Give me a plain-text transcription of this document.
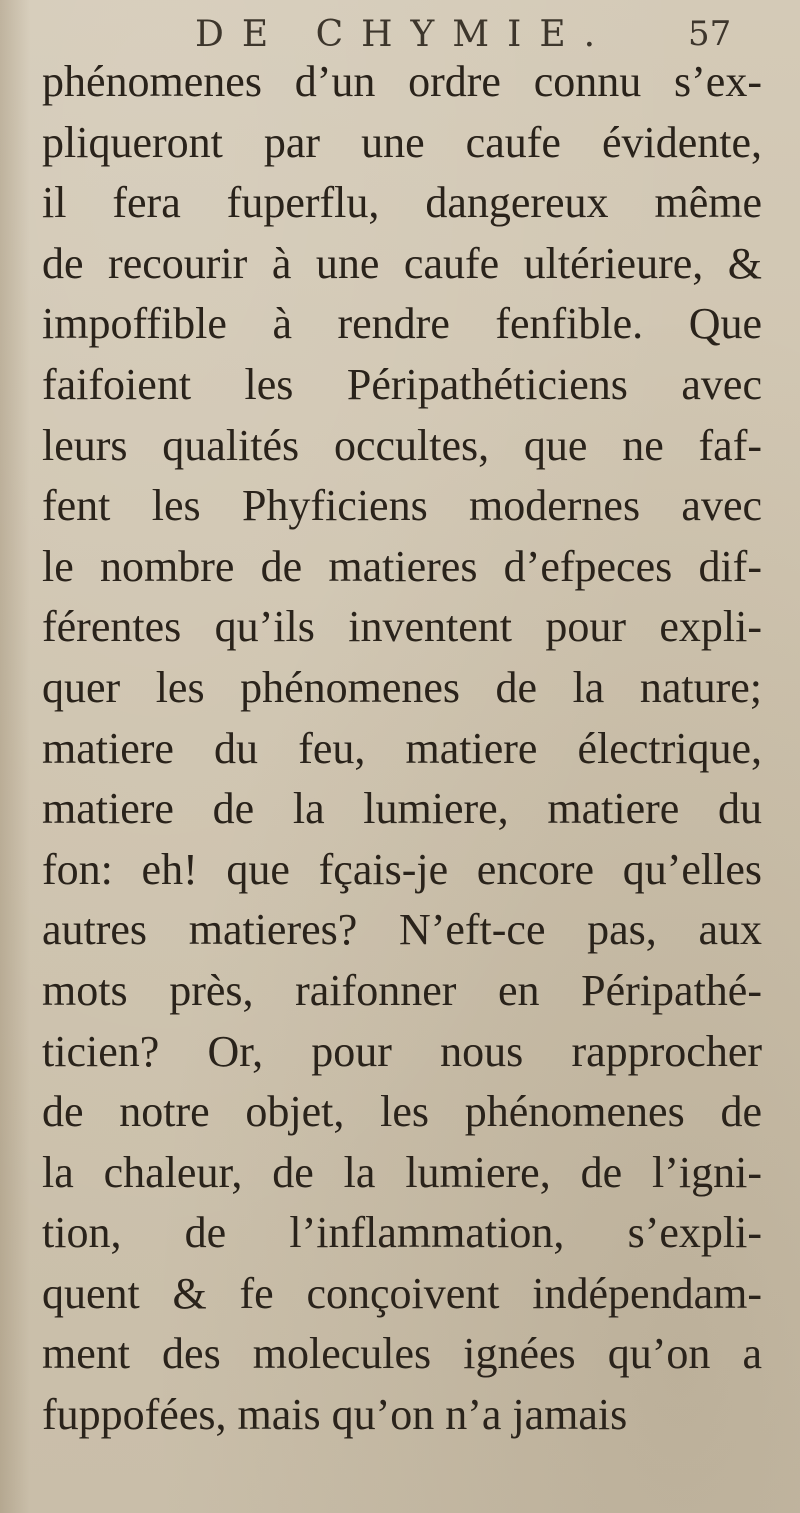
DE CHYMIE. 57
phénomenes d’un ordre connu s’ex-
pliqueront par une caufe évidente,
il fera fuperflu, dangereux même
de recourir à une caufe ultérieure, &
impoffible à rendre fenfible. Que
faifoient les Péripathéticiens avec
leurs qualités occultes, que ne faf-
fent les Phyficiens modernes avec
le nombre de matieres d’efpeces dif-
férentes qu’ils inventent pour expli-
quer les phénomenes de la nature;
matiere du feu, matiere électrique,
matiere de la lumiere, matiere du
fon: eh! que fçais-je encore qu’elles
autres matieres? N’eft-ce pas, aux
mots près, raifonner en Péripathé-
ticien? Or, pour nous rapprocher
de notre objet, les phénomenes de
la chaleur, de la lumiere, de l’igni-
tion, de l’inflammation, s’expli-
quent & fe conçoivent indépendam-
ment des molecules ignées qu’on a
fuppofées, mais qu’on n’a jamais
